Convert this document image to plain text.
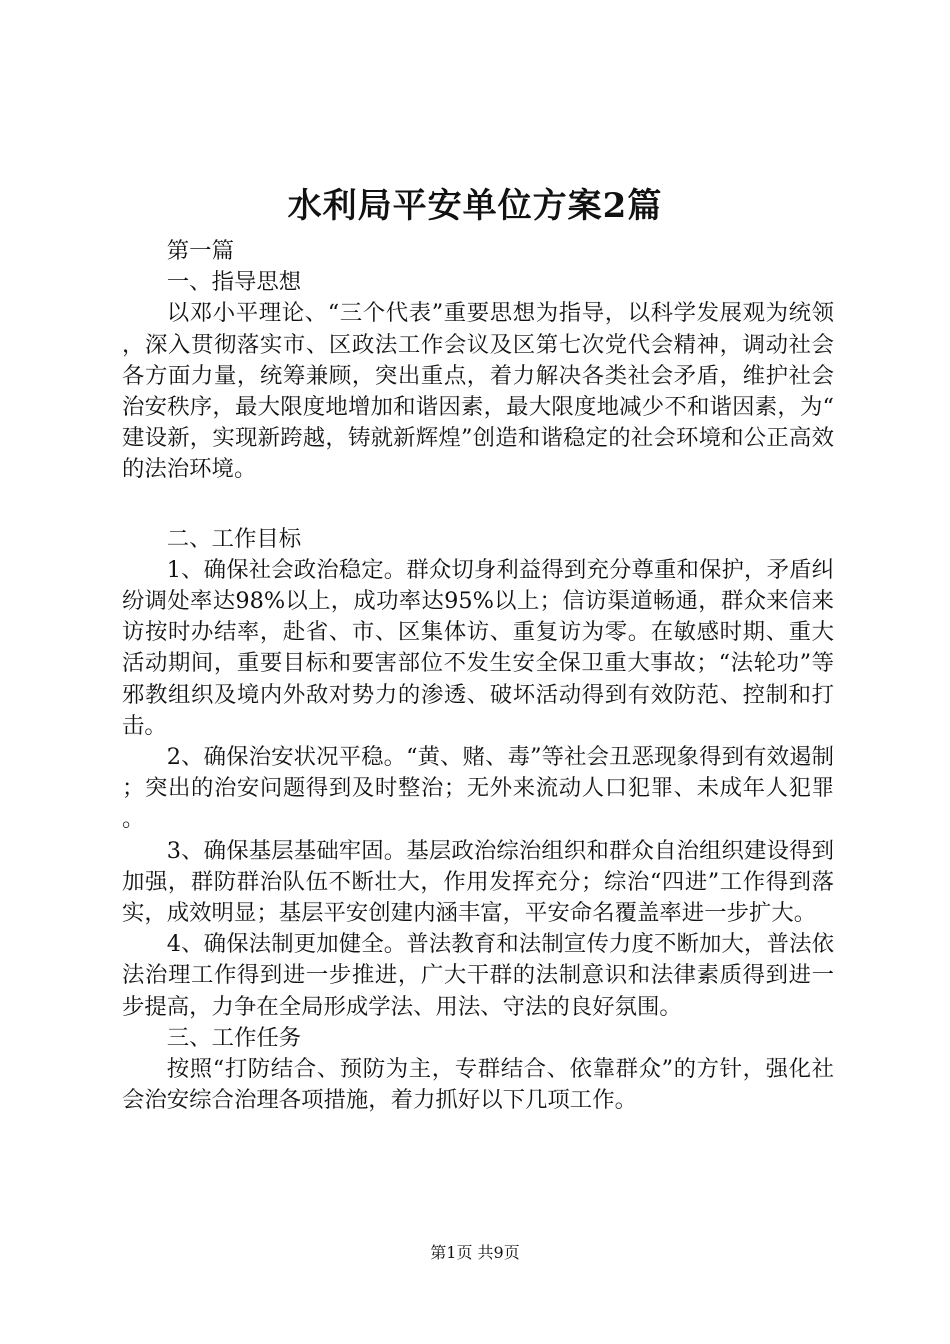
水利局平安单位方案2篇

第一篇

一、指导思想

以邓小平理论、“三个代表”重要思想为指导，以科学发展观为统领，深入贯彻落实市、区政法工作会议及区第七次党代会精神，调动社会各方面力量，统筹兼顾，突出重点，着力解决各类社会矛盾，维护社会治安秩序，最大限度地增加和谐因素，最大限度地减少不和谐因素，为“建设新，实现新跨越，铸就新辉煌”创造和谐稳定的社会环境和公正高效的法治环境。

二、工作目标

1、确保社会政治稳定。群众切身利益得到充分尊重和保护，矛盾纠纷调处率达98%以上，成功率达95%以上；信访渠道畅通，群众来信来访按时办结率，赴省、市、区集体访、重复访为零。在敏感时期、重大活动期间，重要目标和要害部位不发生安全保卫重大事故；“法轮功”等邪教组织及境内外敌对势力的渗透、破坏活动得到有效防范、控制和打击。

2、确保治安状况平稳。“黄、赌、毒”等社会丑恶现象得到有效遏制；突出的治安问题得到及时整治；无外来流动人口犯罪、未成年人犯罪。

3、确保基层基础牢固。基层政治综治组织和群众自治组织建设得到加强，群防群治队伍不断壮大，作用发挥充分；综治“四进”工作得到落实，成效明显；基层平安创建内涵丰富，平安命名覆盖率进一步扩大。

4、确保法制更加健全。普法教育和法制宣传力度不断加大，普法依法治理工作得到进一步推进，广大干群的法制意识和法律素质得到进一步提高，力争在全局形成学法、用法、守法的良好氛围。

三、工作任务

按照“打防结合、预防为主，专群结合、依靠群众”的方针，强化社会治安综合治理各项措施，着力抓好以下几项工作。

第1页 共9页
